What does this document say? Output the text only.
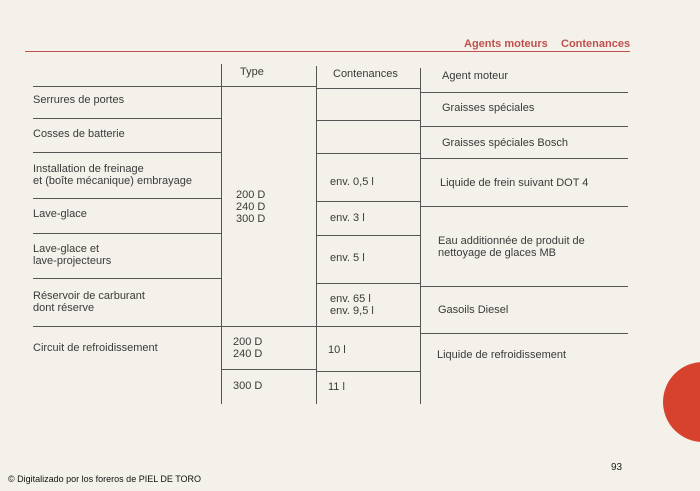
Agents moteurs Contenances
Type	Contenances	Agent moteur
Serrures de portes
Cosses de batterie
Installation de freinage
et (boîte mécanique) embrayage
Lave-glace
Lave-glace et
lave-projecteurs
Réservoir de carburant
dont réserve
Circuit de refroidissement
200 D
240 D
300 D
200 D
240 D
300 D
env. 0,5 l
env. 3 l
env. 5 l
env. 65 l
env. 9,5 l
10 l
11 l
Graisses spéciales
Graisses spéciales Bosch
Liquide de frein suivant DOT 4
Eau additionnée de produit de
nettoyage de glaces MB
Gasoils Diesel
Liquide de refroidissement
93
© Digitalizado por los foreros de PIEL DE TORO
